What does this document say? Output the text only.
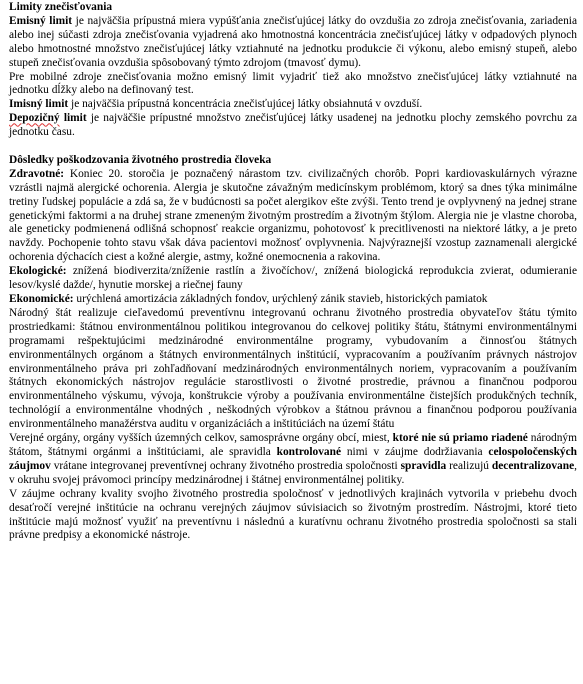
Limity znečisťovania

Emisný limit je najväčšia prípustná miera vypúšťania znečisťujúcej látky do ovzdušia zo zdroja znečisťovania, zariadenia alebo inej súčasti zdroja znečisťovania vyjadrená ako hmotnostná koncentrácia znečisťujúcej látky v odpadových plynoch alebo hmotnostné množstvo znečisťujúcej látky vztiahnuté na jednotku produkcie či výkonu, alebo emisný stupeň, alebo stupeň znečisťovania ovzdušia spôsobovaný týmto zdrojom (tmavosť dymu).

Pre mobilné zdroje znečisťovania možno emisný limit vyjadriť tiež ako množstvo znečisťujúcej látky vztiahnuté na jednotku dĺžky alebo na definovaný test.

Imisný limit je najväčšia prípustná koncentrácia znečisťujúcej látky obsiahnutá v ovzduší.

Depozičný limit je najväčšie prípustné množstvo znečisťujúcej látky usadenej na jednotku plochy zemského povrchu za jednotku času.

Dôsledky poškodzovania životného prostredia človeka

Zdravotné: Koniec 20. storočia je poznačený nárastom tzv. civilizačných chorôb. Popri kardiovaskulárnych výrazne vzrástli najmä alergické ochorenia. Alergia je skutočne závažným medicínskym problémom, ktorý sa dnes týka minimálne tretiny ľudskej populácie a zdá sa, že v budúcnosti sa počet alergikov ešte zvýši. Tento trend je ovplyvnený na jednej strane genetickými faktormi a na druhej strane zmeneným životným prostredím a životným štýlom. Alergia nie je vlastne choroba, ale geneticky podmienená odlišná schopnosť reakcie organizmu, pohotovosť k precitlivenosti na niektoré látky, a je preto navždy. Pochopenie tohto stavu však dáva pacientovi možnosť ovplyvnenia. Najvýraznejší vzostup zaznamenali alergické ochorenia dýchacích ciest a kožné alergie, astmy, kožné onemocnenia a rakovina.

Ekologické: znížená biodiverzita/zníženie rastlín a živočíchov/, znížená biologická reprodukcia zvierat, odumieranie lesov/kyslé dažde/, hynutie morskej a riečnej fauny

Ekonomické: urýchlená amortizácia základných fondov, urýchlený zánik stavieb, historických pamiatok

Národný štát realizuje cieľavedomú preventívnu integrovanú ochranu životného prostredia obyvateľov štátu týmito prostriedkami: štátnou environmentálnou politikou integrovanou do celkovej politiky štátu, štátnymi environmentálnymi programami rešpektujúcimi medzinárodné environmentálne programy, vybudovaním a činnosťou štátnych environmentálnych orgánom a štátnych environmentálnych inštitúcií, vypracovaním a používaním právnych nástrojov environmentálneho práva pri zohľadňovaní medzinárodných environmentálnych noriem, vypracovaním a používaním štátnych ekonomických nástrojov regulácie starostlivosti o životné prostredie, právnou a finančnou podporou environmentálneho výskumu, vývoja, konštrukcie výroby a používania environmentálne čistejších produkčných techník, technológií a environmentálne vhodných , neškodných výrobkov a štátnou právnou a finančnou podporou používania environmentálneho manažérstva auditu v organizáciách a inštitúciách na území štátu

Verejné orgány, orgány vyšších územných celkov, samosprávne orgány obcí, miest, ktoré nie sú priamo riadené národným štátom, štátnymi orgánmi a inštitúciami, ale spravidla kontrolované nimi v záujme dodržiavania celospoločenských záujmov vrátane integrovanej preventívnej ochrany životného prostredia spoločnosti spravidla realizujú decentralizovane, v okruhu svojej právomoci princípy medzinárodnej i štátnej environmentálnej politiky.

V záujme ochrany kvality svojho životného prostredia spoločnosť v jednotlivých krajinách vytvorila v priebehu dvoch desaťročí verejné inštitúcie na ochranu verejných záujmov súvisiacich so životným prostredím. Nástrojmi, ktoré tieto inštitúcie majú možnosť využiť na preventívnu i následnú a kuratívnu ochranu životného prostredia spoločnosti sa stali právne predpisy a ekonomické nástroje.
